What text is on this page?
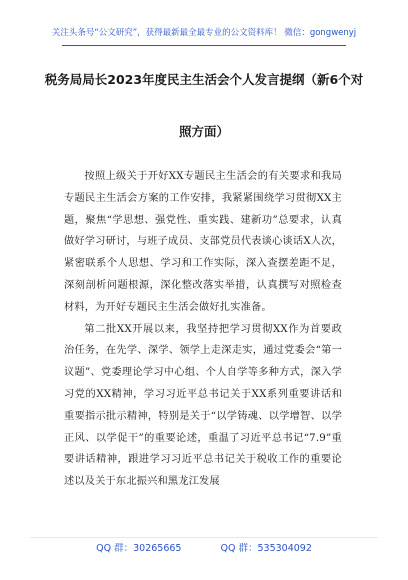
关注头条号“公文研究”，获得最新最全最专业的公文资料库！ 微信：gongwenyj
税务局局长2023年度民主生活会个人发言提纲（新6个对
照方面）

按照上级关于开好XX专题民主生活会的有关要求和我局专题民主生活会方案的工作安排，我紧紧围绕学习贯彻XX主题，聚焦“学思想、强党性、重实践、建新功”总要求，认真做好学习研讨，与班子成员、支部党员代表谈心谈话X人次，紧密联系个人思想、学习和工作实际，深入查摆差距不足，深刻剖析问题根源，深化整改落实举措，认真撰写对照检查材料，为开好专题民主生活会做好扎实准备。

第二批XX开展以来，我坚持把学习贯彻XX作为首要政治任务，在先学、深学、领学上走深走实，通过党委会“第一议题”、党委理论学习中心组、个人自学等多种方式，深入学习党的XX精神，学习习近平总书记关于XX系列重要讲话和重要指示批示精神，特别是关于“以学铸魂、以学增智、以学正风、以学促干”的重要论述，重温了习近平总书记“7.9”重要讲话精神，跟进学习习近平总书记关于税收工作的重要论述以及关于东北振兴和黑龙江发展

QQ 群：30265665	QQ 群：535304092
